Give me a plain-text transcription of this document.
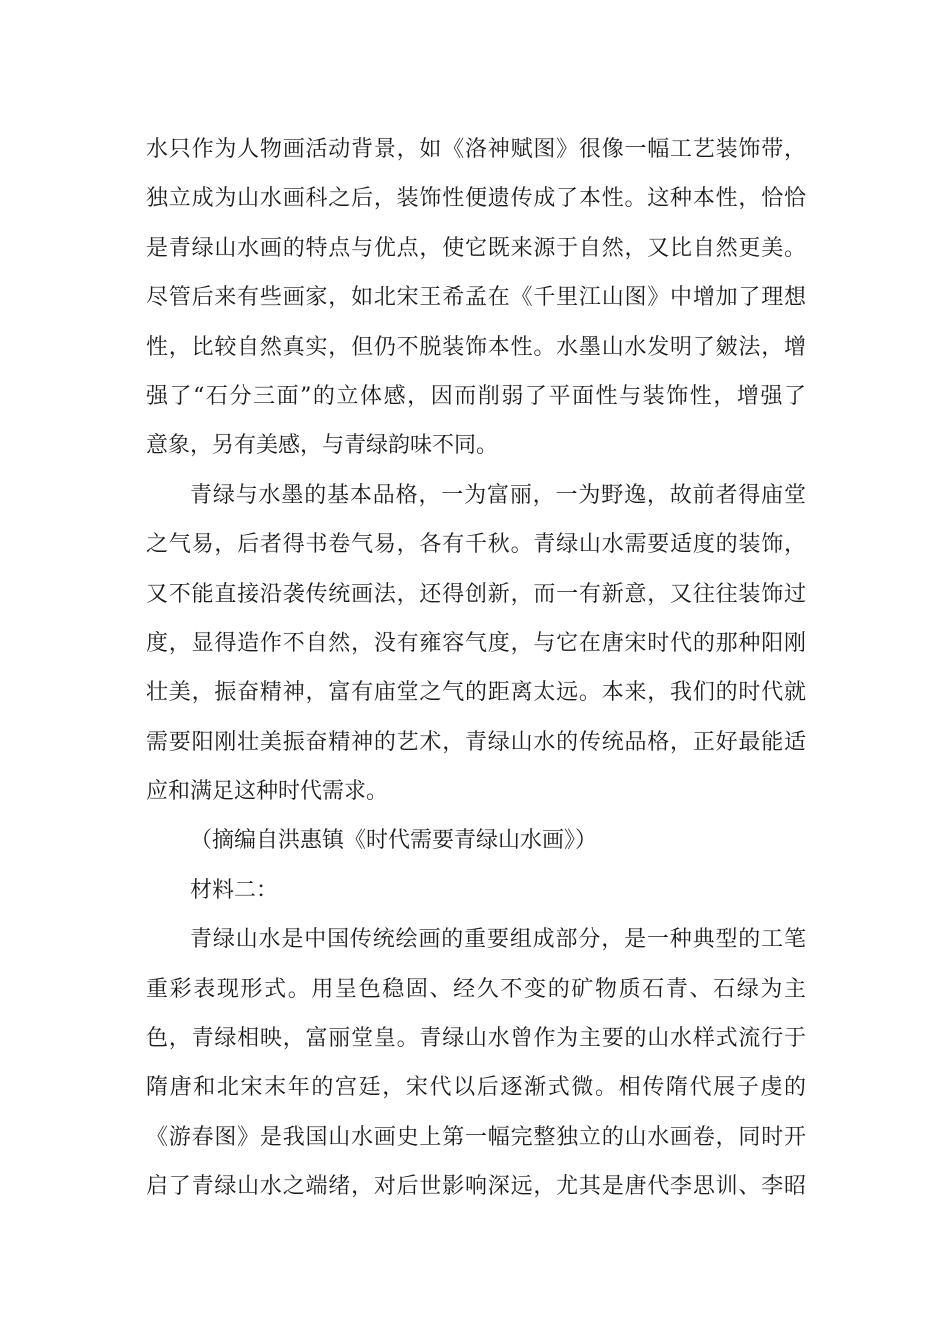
水只作为人物画活动背景，如《洛神赋图》很像一幅工艺装饰带，
独立成为山水画科之后，装饰性便遗传成了本性。这种本性，恰恰
是青绿山水画的特点与优点，使它既来源于自然，又比自然更美。
尽管后来有些画家，如北宋王希孟在《千里江山图》中增加了理想
性，比较自然真实，但仍不脱装饰本性。水墨山水发明了皴法，增
强了“石分三面”的立体感，因而削弱了平面性与装饰性，增强了
意象，另有美感，与青绿韵味不同。
青绿与水墨的基本品格，一为富丽，一为野逸，故前者得庙堂
之气易，后者得书卷气易，各有千秋。青绿山水需要适度的装饰，
又不能直接沿袭传统画法，还得创新，而一有新意，又往往装饰过
度，显得造作不自然，没有雍容气度，与它在唐宋时代的那种阳刚
壮美，振奋精神，富有庙堂之气的距离太远。本来，我们的时代就
需要阳刚壮美振奋精神的艺术，青绿山水的传统品格，正好最能适
应和满足这种时代需求。
（摘编自洪惠镇《时代需要青绿山水画》）
材料二：
青绿山水是中国传统绘画的重要组成部分，是一种典型的工笔
重彩表现形式。用呈色稳固、经久不变的矿物质石青、石绿为主
色，青绿相映，富丽堂皇。青绿山水曾作为主要的山水样式流行于
隋唐和北宋末年的宫廷，宋代以后逐渐式微。相传隋代展子虔的
《游春图》是我国山水画史上第一幅完整独立的山水画卷，同时开
启了青绿山水之端绪，对后世影响深远，尤其是唐代李思训、李昭
